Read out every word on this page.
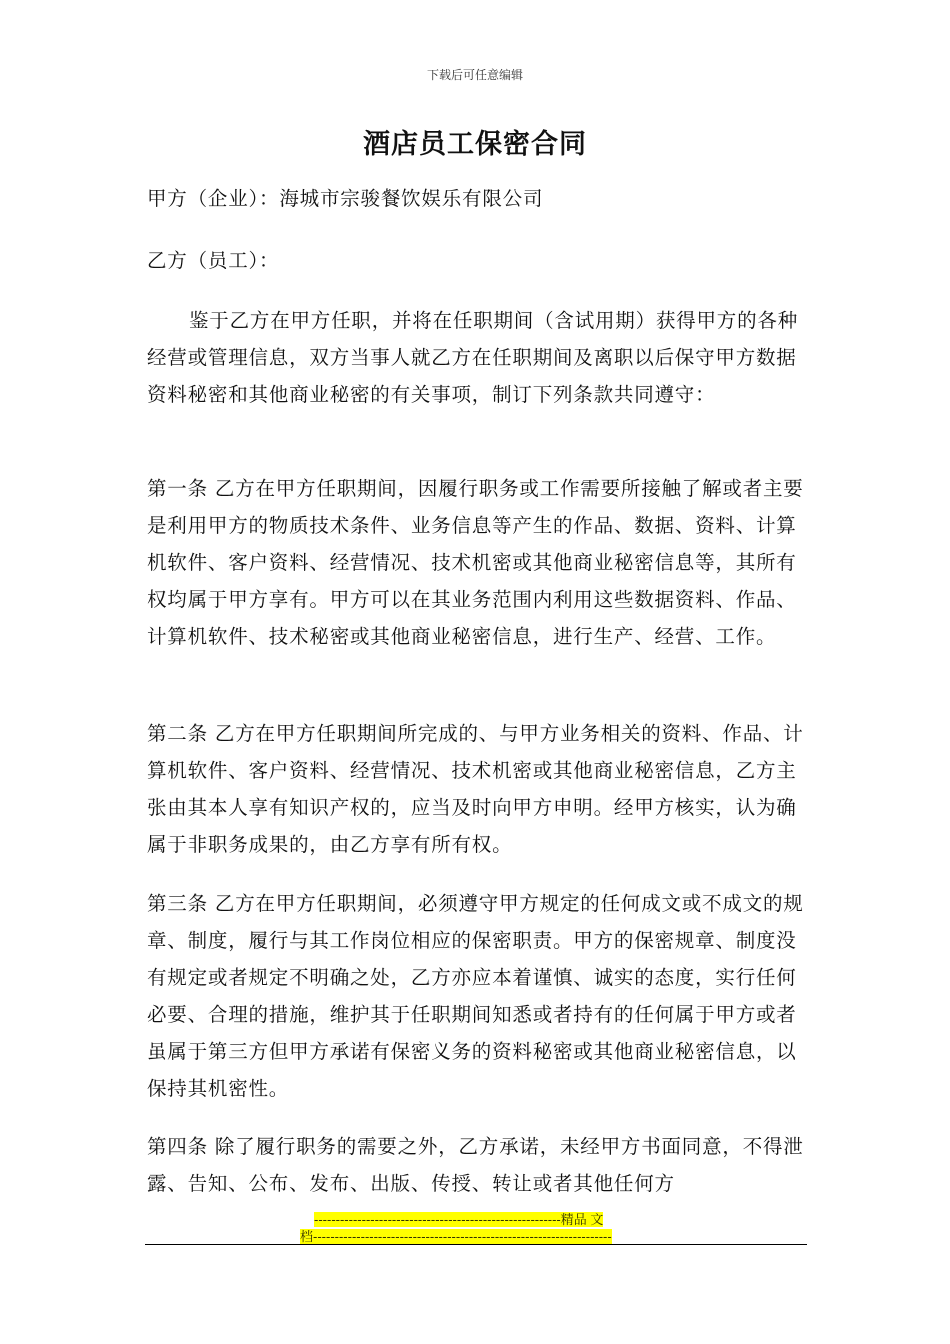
下载后可任意编辑
酒店员工保密合同
甲方（企业）：海城市宗骏餐饮娱乐有限公司
乙方（员工）：
鉴于乙方在甲方任职，并将在任职期间（含试用期）获得甲方的各种经营或管理信息，双方当事人就乙方在任职期间及离职以后保守甲方数据资料秘密和其他商业秘密的有关事项，制订下列条款共同遵守：
第一条 乙方在甲方任职期间，因履行职务或工作需要所接触了解或者主要是利用甲方的物质技术条件、业务信息等产生的作品、数据、资料、计算机软件、客户资料、经营情况、技术机密或其他商业秘密信息等，其所有权均属于甲方享有。甲方可以在其业务范围内利用这些数据资料、作品、计算机软件、技术秘密或其他商业秘密信息，进行生产、经营、工作。
第二条 乙方在甲方任职期间所完成的、与甲方业务相关的资料、作品、计算机软件、客户资料、经营情况、技术机密或其他商业秘密信息，乙方主张由其本人享有知识产权的，应当及时向甲方申明。经甲方核实，认为确属于非职务成果的，由乙方享有所有权。
第三条 乙方在甲方任职期间，必须遵守甲方规定的任何成文或不成文的规章、制度，履行与其工作岗位相应的保密职责。甲方的保密规章、制度没有规定或者规定不明确之处，乙方亦应本着谨慎、诚实的态度，实行任何必要、合理的措施，维护其于任职期间知悉或者持有的任何属于甲方或者虽属于第三方但甲方承诺有保密义务的资料秘密或其他商业秘密信息，以保持其机密性。
第四条 除了履行职务的需要之外，乙方承诺，未经甲方书面同意，不得泄露、告知、公布、发布、出版、传授、转让或者其他任何方
---------------------------------------------------------精品 文
档---------------------------------------------------------------------
